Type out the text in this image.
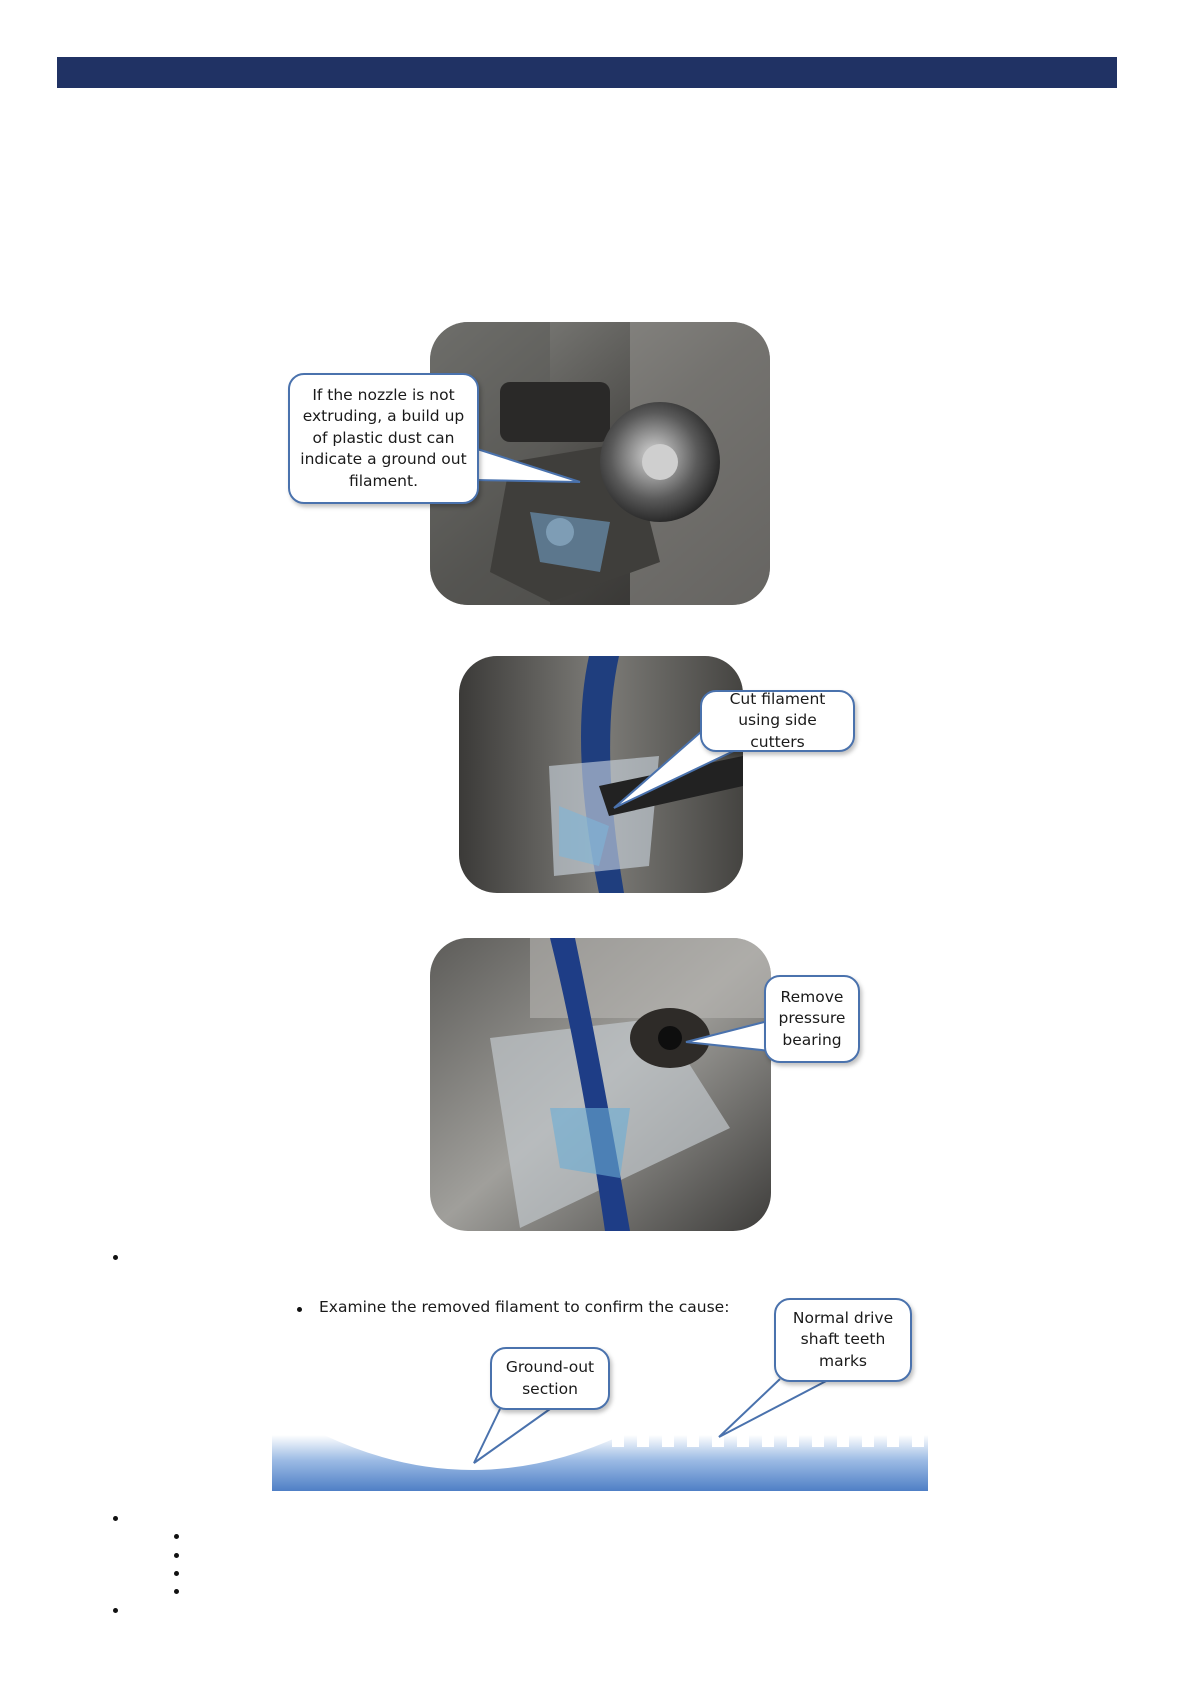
If the nozzle is not extruding, a build up of plastic dust can indicate a ground out filament.
Cut filament using side cutters
Remove pressure bearing
Examine the removed filament to confirm the cause:
Ground-out section
Normal drive shaft teeth marks
